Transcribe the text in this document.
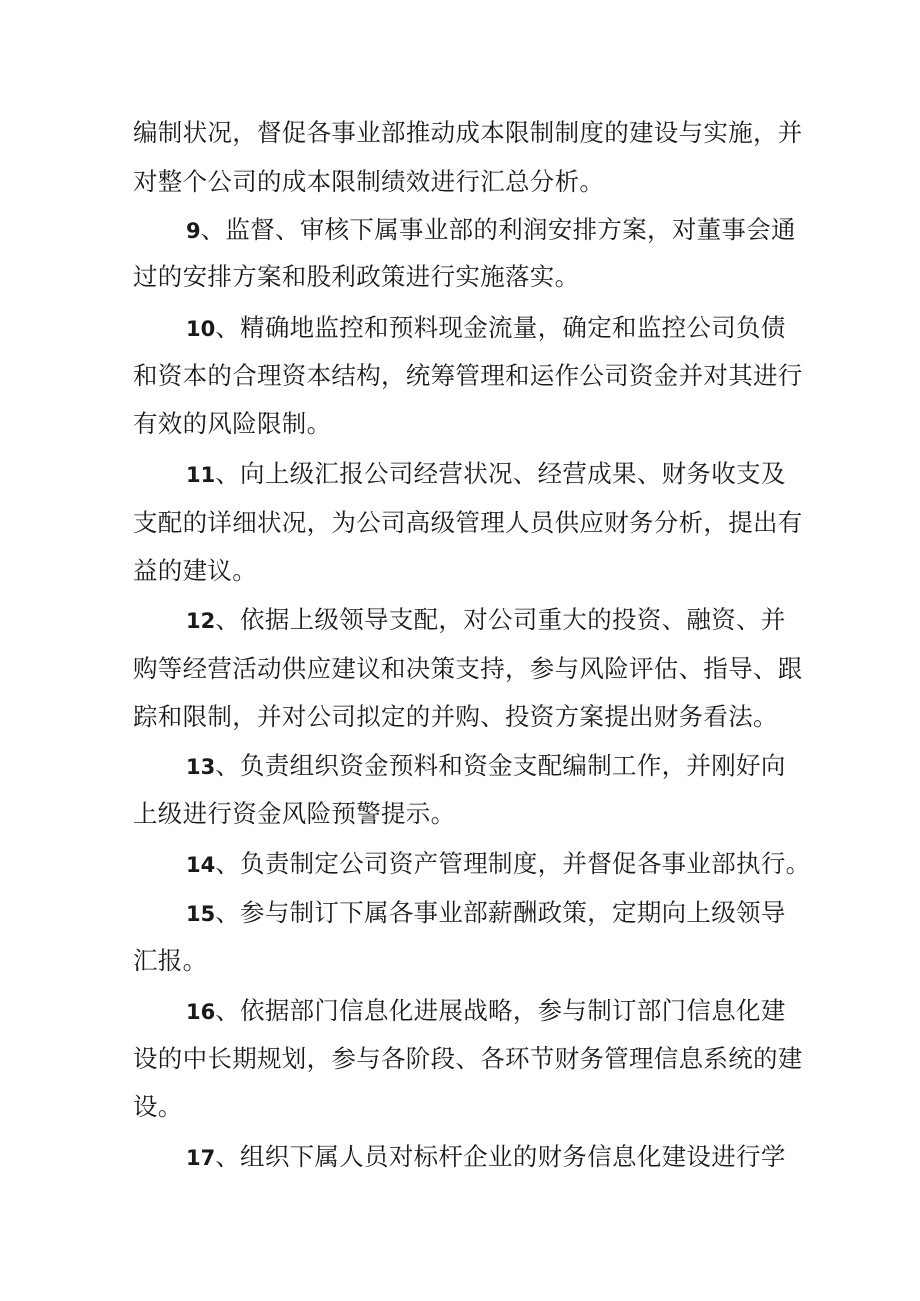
编制状况，督促各事业部推动成本限制制度的建设与实施，并
对整个公司的成本限制绩效进行汇总分析。
9、监督、审核下属事业部的利润安排方案，对董事会通
过的安排方案和股利政策进行实施落实。
10、精确地监控和预料现金流量，确定和监控公司负债
和资本的合理资本结构，统筹管理和运作公司资金并对其进行
有效的风险限制。
11、向上级汇报公司经营状况、经营成果、财务收支及
支配的详细状况，为公司高级管理人员供应财务分析，提出有
益的建议。
12、依据上级领导支配，对公司重大的投资、融资、并
购等经营活动供应建议和决策支持，参与风险评估、指导、跟
踪和限制，并对公司拟定的并购、投资方案提出财务看法。
13、负责组织资金预料和资金支配编制工作，并刚好向
上级进行资金风险预警提示。
14、负责制定公司资产管理制度，并督促各事业部执行。
15、参与制订下属各事业部薪酬政策，定期向上级领导
汇报。
16、依据部门信息化进展战略，参与制订部门信息化建
设的中长期规划，参与各阶段、各环节财务管理信息系统的建
设。
17、组织下属人员对标杆企业的财务信息化建设进行学
